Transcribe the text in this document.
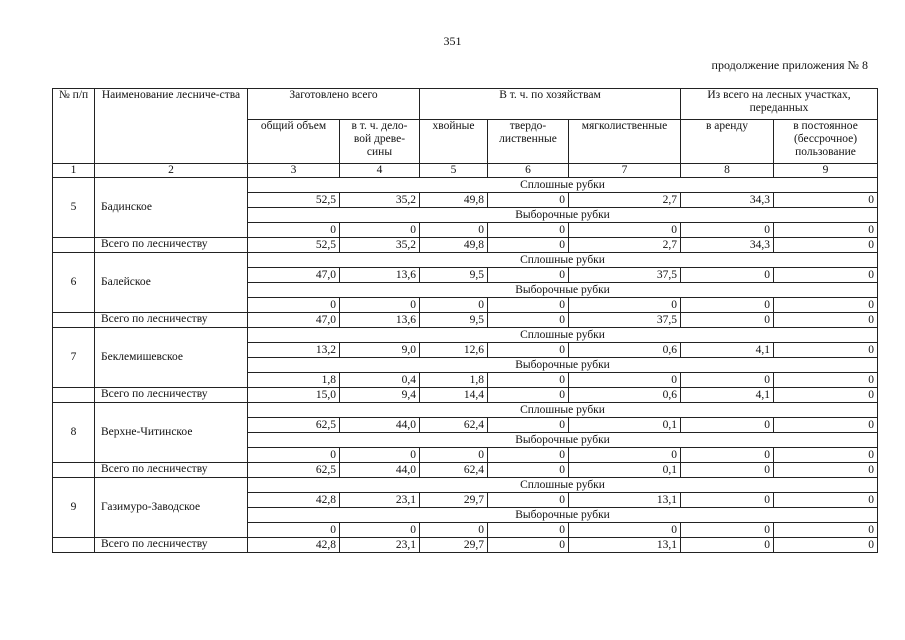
351
продолжение приложения № 8
№ п/п	Наименование лесниче-ства	Заготовлено всего		В т. ч. по хозяйствам			Из всего на лесных участках, переданных	
		общий объем	в т. ч. дело-вой древе-сины	хвойные	твердо-лиственные	мягколиственные	в аренду	в постоянное (бессрочное) пользование
1	2	3	4	5	6	7	8	9
5	Бадинское	Сплошные рубки						
		52,5	35,2	49,8	0	2,7	34,3	0
		Выборочные рубки						
		0	0	0	0	0	0	0
	Всего по лесничеству	52,5	35,2	49,8	0	2,7	34,3	0
6	Балейское	Сплошные рубки						
		47,0	13,6	9,5	0	37,5	0	0
		Выборочные рубки						
		0	0	0	0	0	0	0
	Всего по лесничеству	47,0	13,6	9,5	0	37,5	0	0
7	Беклемишевское	Сплошные рубки						
		13,2	9,0	12,6	0	0,6	4,1	0
		Выборочные рубки						
		1,8	0,4	1,8	0	0	0	0
	Всего по лесничеству	15,0	9,4	14,4	0	0,6	4,1	0
8	Верхне-Читинское	Сплошные рубки						
		62,5	44,0	62,4	0	0,1	0	0
		Выборочные рубки						
		0	0	0	0	0	0	0
	Всего по лесничеству	62,5	44,0	62,4	0	0,1	0	0
9	Газимуро-Заводское	Сплошные рубки						
		42,8	23,1	29,7	0	13,1	0	0
		Выборочные рубки						
		0	0	0	0	0	0	0
	Всего по лесничеству	42,8	23,1	29,7	0	13,1	0	0
